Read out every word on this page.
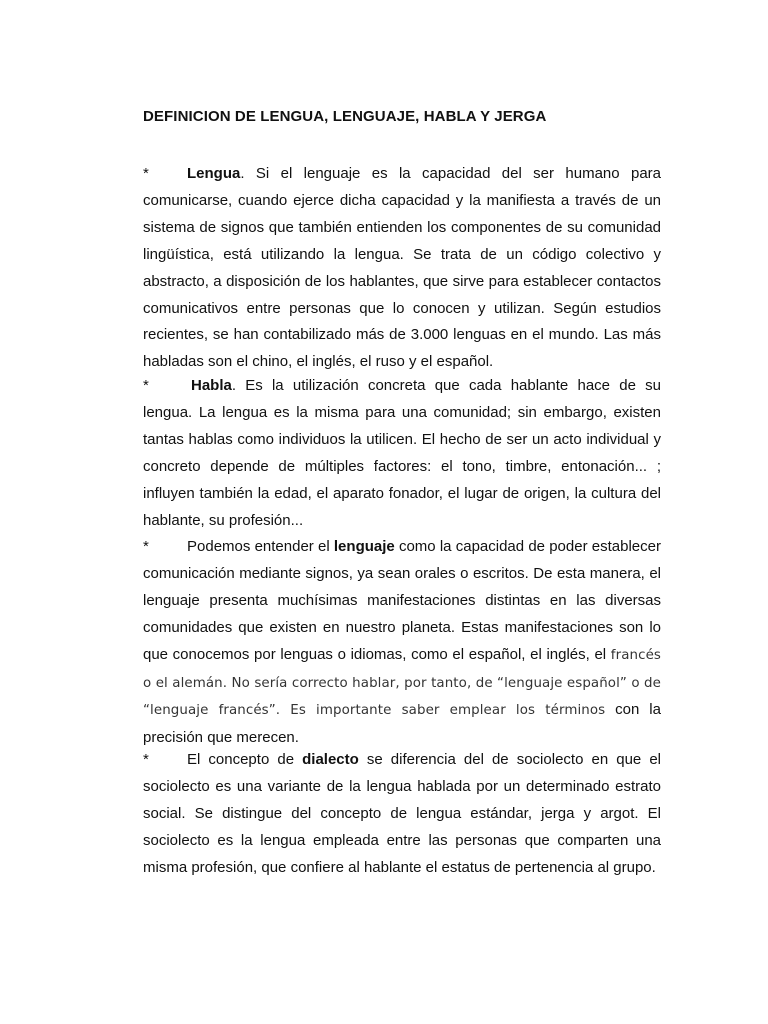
DEFINICION DE LENGUA, LENGUAJE, HABLA Y JERGA

*	Lengua. Si el lenguaje es la capacidad del ser humano para comunicarse, cuando ejerce dicha capacidad y la manifiesta a través de un sistema de signos que también entienden los componentes de su comunidad lingüística, está utilizando la lengua. Se trata de un código colectivo y abstracto, a disposición de los hablantes, que sirve para establecer contactos comunicativos entre personas que lo conocen y utilizan. Según estudios recientes, se han contabilizado más de 3.000 lenguas en el mundo. Las más habladas son el chino, el inglés, el ruso y el español.

*	Habla. Es la utilización concreta que cada hablante hace de su lengua. La lengua es la misma para una comunidad; sin embargo, existen tantas hablas como individuos la utilicen. El hecho de ser un acto individual y concreto depende de múltiples factores: el tono, timbre, entonación... ; influyen también la edad, el aparato fonador, el lugar de origen, la cultura del hablante, su profesión...

*	Podemos entender el lenguaje como la capacidad de poder establecer comunicación mediante signos, ya sean orales o escritos. De esta manera, el lenguaje presenta muchísimas manifestaciones distintas en las diversas comunidades que existen en nuestro planeta. Estas manifestaciones son lo que conocemos por lenguas o idiomas, como el español, el inglés, el francés o el alemán. No sería correcto hablar, por tanto, de “lenguaje español” o de “lenguaje francés”. Es importante saber emplear los términos con la precisión que merecen.

*	El concepto de dialecto se diferencia del de sociolecto en que el sociolecto es una variante de la lengua hablada por un determinado estrato social. Se distingue del concepto de lengua estándar, jerga y argot. El sociolecto es la lengua empleada entre las personas que comparten una misma profesión, que confiere al hablante el estatus de pertenencia al grupo.
